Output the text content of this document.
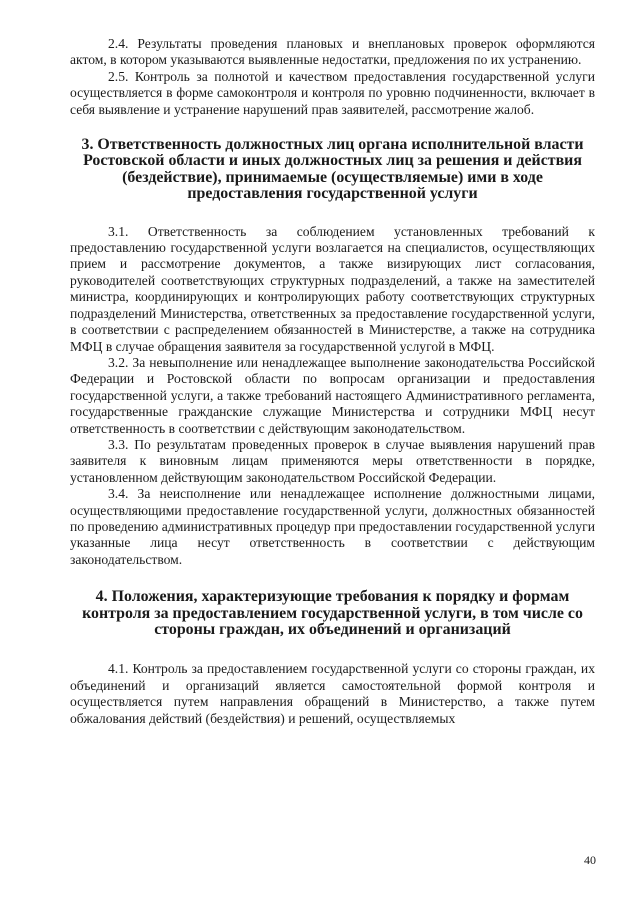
2.4. Результаты проведения плановых и внеплановых проверок оформляются актом, в котором указываются выявленные недостатки, предложения по их устранению.

2.5. Контроль за полнотой и качеством предоставления государственной услуги осуществляется в форме самоконтроля и контроля по уровню подчиненности, включает в себя выявление и устранение нарушений прав заявителей, рассмотрение жалоб.

3. Ответственность должностных лиц органа исполнительной власти Ростовской области и иных должностных лиц за решения и действия (бездействие), принимаемые (осуществляемые) ими в ходе предоставления государственной услуги

3.1. Ответственность за соблюдением установленных требований к предоставлению государственной услуги возлагается на специалистов, осуществляющих прием и рассмотрение документов, а также визирующих лист согласования, руководителей соответствующих структурных подразделений, а также на заместителей министра, координирующих и контролирующих работу соответствующих структурных подразделений Министерства, ответственных за предоставление государственной услуги, в соответствии с распределением обязанностей в Министерстве, а также на сотрудника МФЦ в случае обращения заявителя за государственной услугой в МФЦ.

3.2. За невыполнение или ненадлежащее выполнение законодательства Российской Федерации и Ростовской области по вопросам организации и предоставления государственной услуги, а также требований настоящего Административного регламента, государственные гражданские служащие Министерства и сотрудники МФЦ несут ответственность в соответствии с действующим законодательством.

3.3. По результатам проведенных проверок в случае выявления нарушений прав заявителя к виновным лицам применяются меры ответственности в порядке, установленном действующим законодательством Российской Федерации.

3.4. За неисполнение или ненадлежащее исполнение должностными лицами, осуществляющими предоставление государственной услуги, должностных обязанностей по проведению административных процедур при предоставлении государственной услуги указанные лица несут ответственность в соответствии с действующим законодательством.

4. Положения, характеризующие требования к порядку и формам контроля за предоставлением государственной услуги, в том числе со стороны граждан, их объединений и организаций

4.1. Контроль за предоставлением государственной услуги со стороны граждан, их объединений и организаций является самостоятельной формой контроля и осуществляется путем направления обращений в Министерство, а также путем обжалования действий (бездействия) и решений, осуществляемых

40
